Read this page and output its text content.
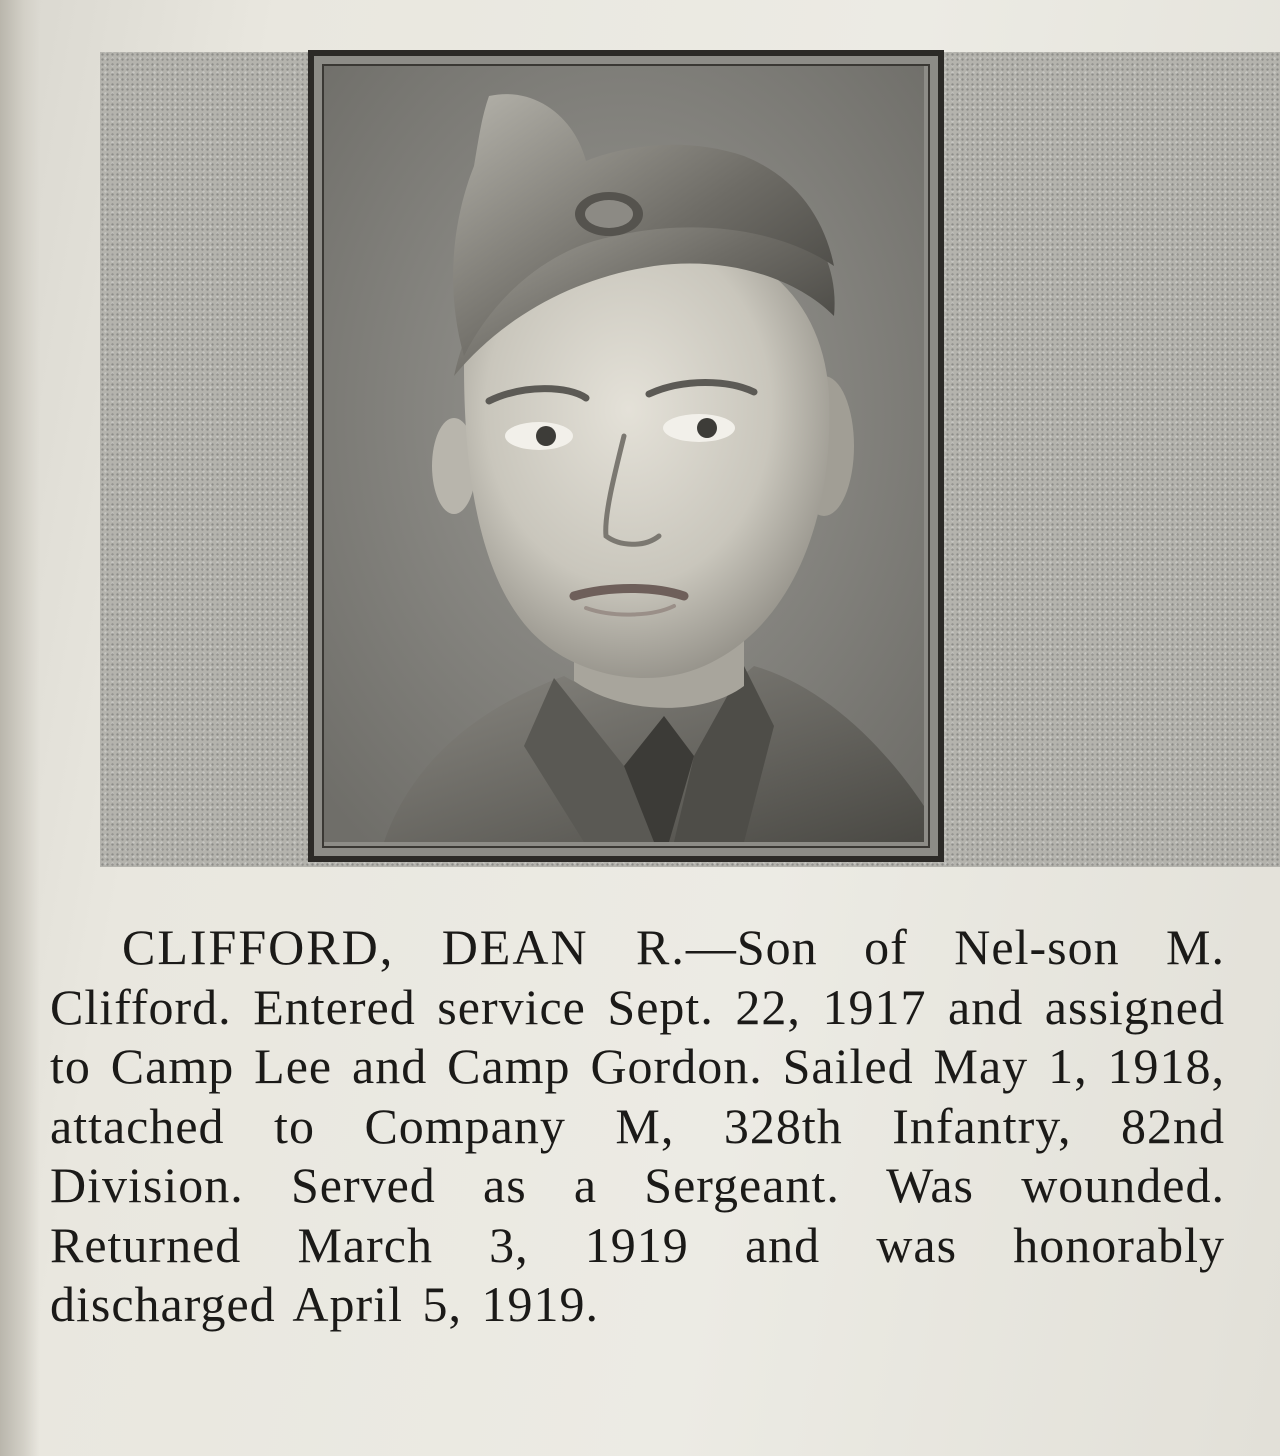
CLIFFORD, DEAN R.—Son of Nel-son M. Clifford. Entered service Sept. 22, 1917 and assigned to Camp Lee and Camp Gordon. Sailed May 1, 1918, attached to Company M, 328th Infantry, 82nd Division. Served as a Sergeant. Was wounded. Returned March 3, 1919 and was honorably discharged April 5, 1919.
